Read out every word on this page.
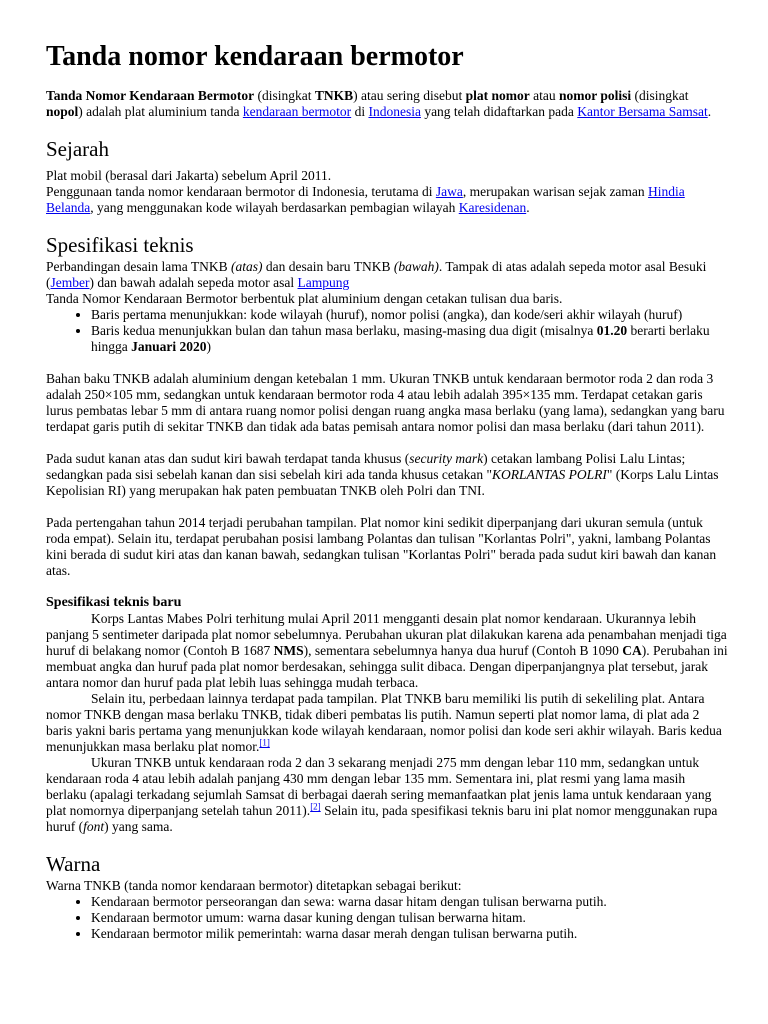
Tanda nomor kendaraan bermotor

Tanda Nomor Kendaraan Bermotor (disingkat TNKB) atau sering disebut plat nomor atau nomor polisi (disingkat nopol) adalah plat aluminium tanda kendaraan bermotor di Indonesia yang telah didaftarkan pada Kantor Bersama Samsat.

Sejarah

Plat mobil (berasal dari Jakarta) sebelum April 2011.

Penggunaan tanda nomor kendaraan bermotor di Indonesia, terutama di Jawa, merupakan warisan sejak zaman Hindia Belanda, yang menggunakan kode wilayah berdasarkan pembagian wilayah Karesidenan.

Spesifikasi teknis

Perbandingan desain lama TNKB (atas) dan desain baru TNKB (bawah). Tampak di atas adalah sepeda motor asal Besuki (Jember) dan bawah adalah sepeda motor asal Lampung

Tanda Nomor Kendaraan Bermotor berbentuk plat aluminium dengan cetakan tulisan dua baris.

• Baris pertama menunjukkan: kode wilayah (huruf), nomor polisi (angka), dan kode/seri akhir wilayah (huruf)
• Baris kedua menunjukkan bulan dan tahun masa berlaku, masing-masing dua digit (misalnya 01.20 berarti berlaku hingga Januari 2020)

Bahan baku TNKB adalah aluminium dengan ketebalan 1 mm. Ukuran TNKB untuk kendaraan bermotor roda 2 dan roda 3 adalah 250×105 mm, sedangkan untuk kendaraan bermotor roda 4 atau lebih adalah 395×135 mm. Terdapat cetakan garis lurus pembatas lebar 5 mm di antara ruang nomor polisi dengan ruang angka masa berlaku (yang lama), sedangkan yang baru terdapat garis putih di sekitar TNKB dan tidak ada batas pemisah antara nomor polisi dan masa berlaku (dari tahun 2011).

Pada sudut kanan atas dan sudut kiri bawah terdapat tanda khusus (security mark) cetakan lambang Polisi Lalu Lintas; sedangkan pada sisi sebelah kanan dan sisi sebelah kiri ada tanda khusus cetakan "KORLANTAS POLRI" (Korps Lalu Lintas Kepolisian RI) yang merupakan hak paten pembuatan TNKB oleh Polri dan TNI.

Pada pertengahan tahun 2014 terjadi perubahan tampilan. Plat nomor kini sedikit diperpanjang dari ukuran semula (untuk roda empat). Selain itu, terdapat perubahan posisi lambang Polantas dan tulisan "Korlantas Polri", yakni, lambang Polantas kini berada di sudut kiri atas dan kanan bawah, sedangkan tulisan "Korlantas Polri" berada pada sudut kiri bawah dan kanan atas.

Spesifikasi teknis baru

Korps Lantas Mabes Polri terhitung mulai April 2011 mengganti desain plat nomor kendaraan. Ukurannya lebih panjang 5 sentimeter daripada plat nomor sebelumnya. Perubahan ukuran plat dilakukan karena ada penambahan menjadi tiga huruf di belakang nomor (Contoh B 1687 NMS), sementara sebelumnya hanya dua huruf (Contoh B 1090 CA). Perubahan ini membuat angka dan huruf pada plat nomor berdesakan, sehingga sulit dibaca. Dengan diperpanjangnya plat tersebut, jarak antara nomor dan huruf pada plat lebih luas sehingga mudah terbaca.

Selain itu, perbedaan lainnya terdapat pada tampilan. Plat TNKB baru memiliki lis putih di sekeliling plat. Antara nomor TNKB dengan masa berlaku TNKB, tidak diberi pembatas lis putih. Namun seperti plat nomor lama, di plat ada 2 baris yakni baris pertama yang menunjukkan kode wilayah kendaraan, nomor polisi dan kode seri akhir wilayah. Baris kedua menunjukkan masa berlaku plat nomor.[1]

Ukuran TNKB untuk kendaraan roda 2 dan 3 sekarang menjadi 275 mm dengan lebar 110 mm, sedangkan untuk kendaraan roda 4 atau lebih adalah panjang 430 mm dengan lebar 135 mm. Sementara ini, plat resmi yang lama masih berlaku (apalagi terkadang sejumlah Samsat di berbagai daerah sering memanfaatkan plat jenis lama untuk kendaraan yang plat nomornya diperpanjang setelah tahun 2011).[2] Selain itu, pada spesifikasi teknis baru ini plat nomor menggunakan rupa huruf (font) yang sama.

Warna

Warna TNKB (tanda nomor kendaraan bermotor) ditetapkan sebagai berikut:

• Kendaraan bermotor perseorangan dan sewa: warna dasar hitam dengan tulisan berwarna putih.
• Kendaraan bermotor umum: warna dasar kuning dengan tulisan berwarna hitam.
• Kendaraan bermotor milik pemerintah: warna dasar merah dengan tulisan berwarna putih.
